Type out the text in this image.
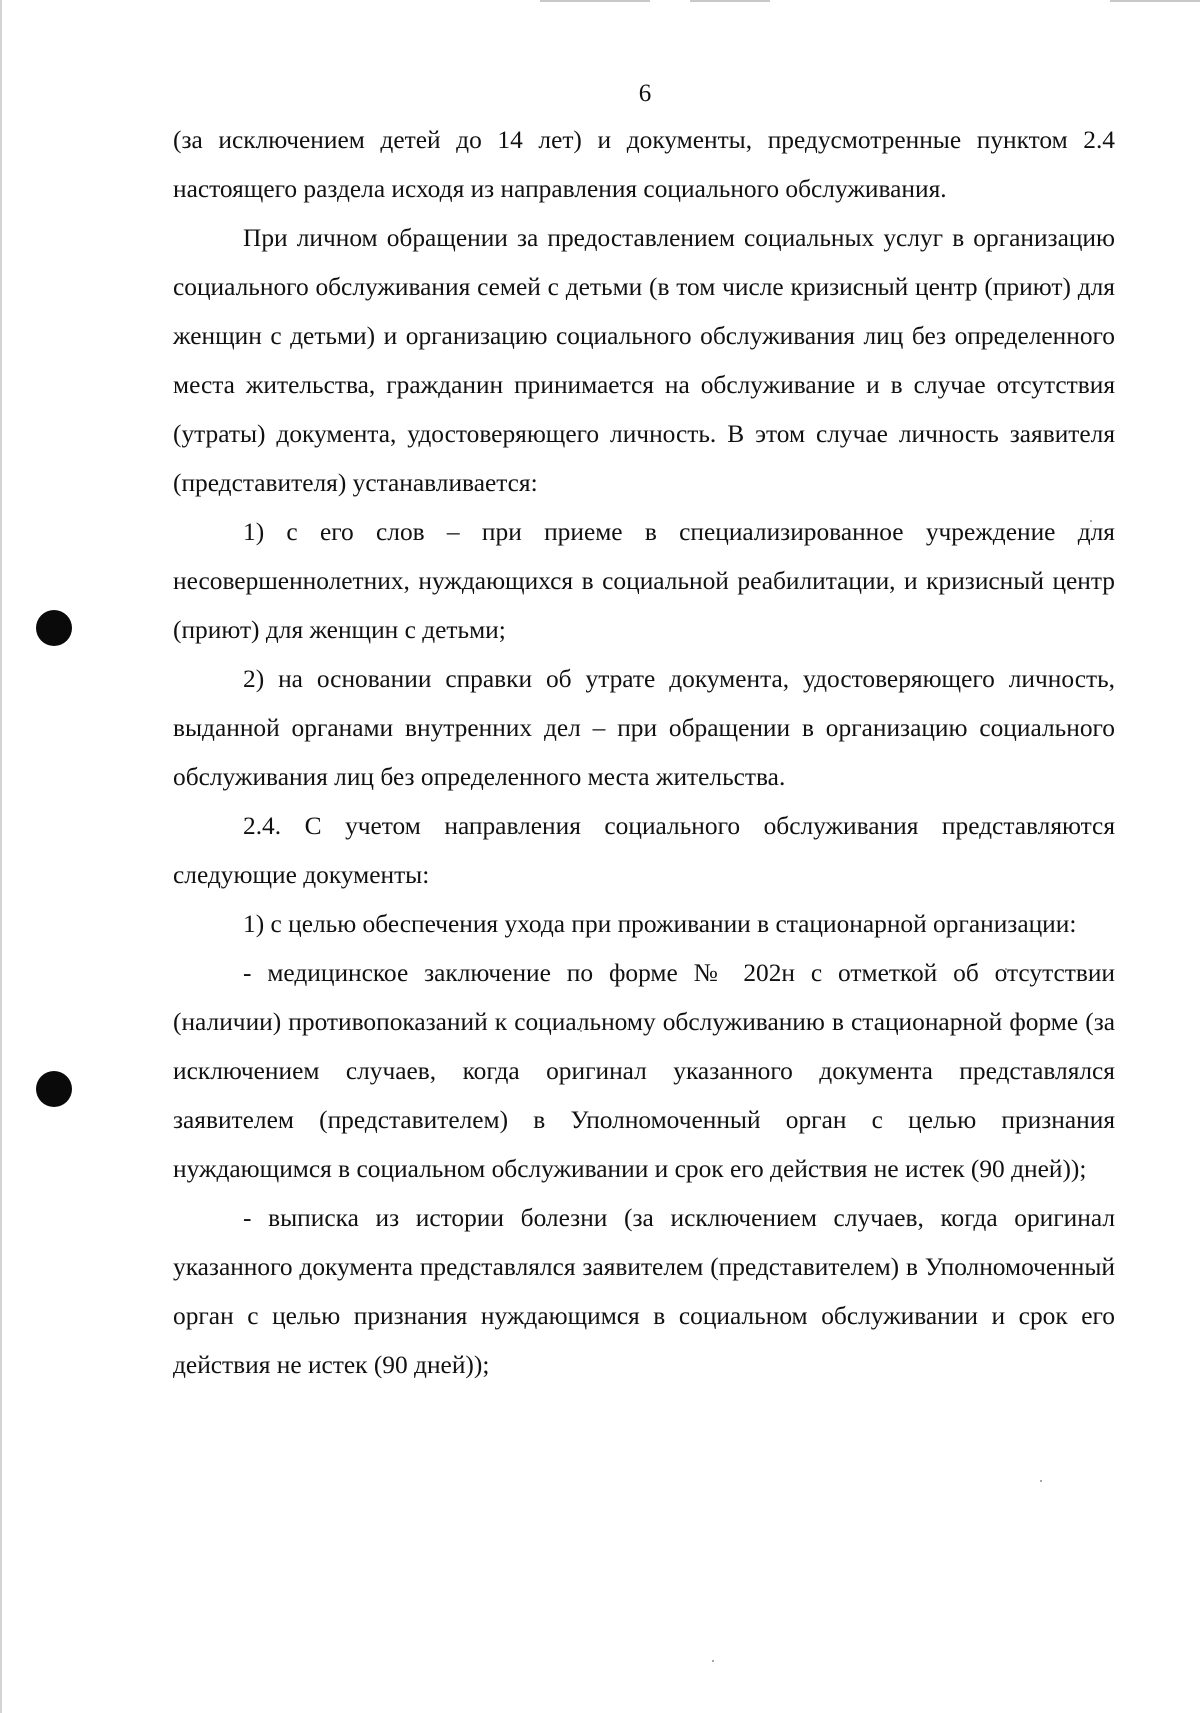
6

(за исключением детей до 14 лет) и документы, предусмотренные пунктом 2.4 настоящего раздела исходя из направления социального обслуживания.

При личном обращении за предоставлением социальных услуг в организацию социального обслуживания семей с детьми (в том числе кризисный центр (приют) для женщин с детьми) и организацию социального обслуживания лиц без определенного места жительства, гражданин принимается на обслуживание и в случае отсутствия (утраты) документа, удостоверяющего личность. В этом случае личность заявителя (представителя) устанавливается:

1) с его слов – при приеме в специализированное учреждение для несовершеннолетних, нуждающихся в социальной реабилитации, и кризисный центр (приют) для женщин с детьми;

2) на основании справки об утрате документа, удостоверяющего личность, выданной органами внутренних дел – при обращении в организацию социального обслуживания лиц без определенного места жительства.

2.4. С учетом направления социального обслуживания представляются следующие документы:

1) с целью обеспечения ухода при проживании в стационарной организации:

- медицинское заключение по форме № 202н с отметкой об отсутствии (наличии) противопоказаний к социальному обслуживанию в стационарной форме (за исключением случаев, когда оригинал указанного документа представлялся заявителем (представителем) в Уполномоченный орган с целью признания нуждающимся в социальном обслуживании и срок его действия не истек (90 дней));

- выписка из истории болезни (за исключением случаев, когда оригинал указанного документа представлялся заявителем (представителем) в Уполномоченный орган с целью признания нуждающимся в социальном обслуживании и срок его действия не истек (90 дней));
